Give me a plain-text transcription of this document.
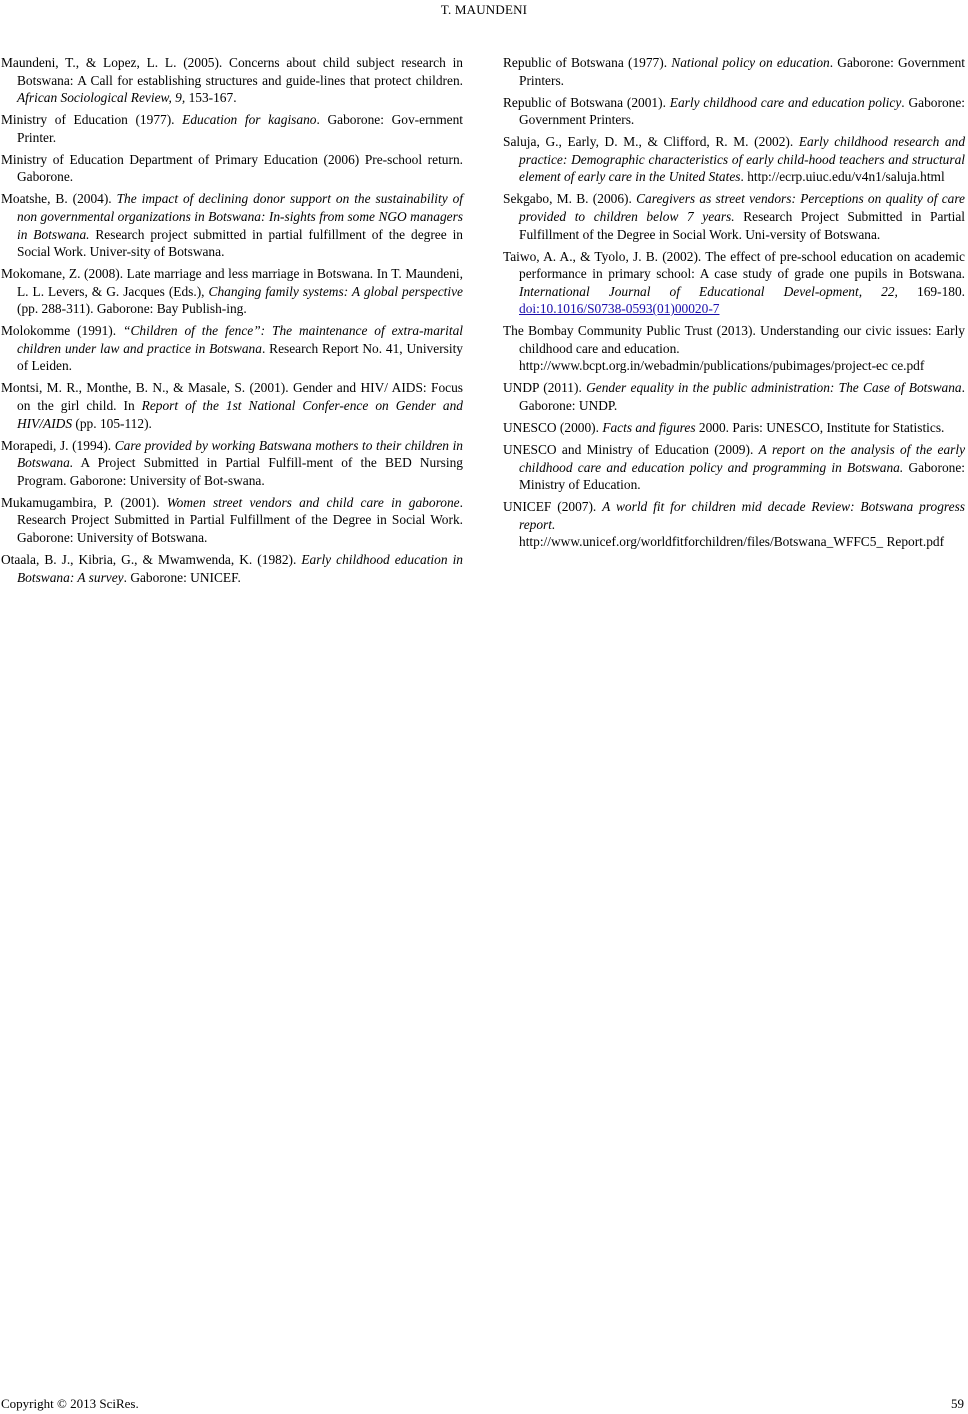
T. MAUNDENI

Maundeni, T., & Lopez, L. L. (2005). Concerns about child subject research in Botswana: A Call for establishing structures and guide-lines that protect children. African Sociological Review, 9, 153-167.

Ministry of Education (1977). Education for kagisano. Gaborone: Gov-ernment Printer.

Ministry of Education Department of Primary Education (2006) Pre-school return. Gaborone.

Moatshe, B. (2004). The impact of declining donor support on the sustainability of non governmental organizations in Botswana: In-sights from some NGO managers in Botswana. Research project submitted in partial fulfillment of the degree in Social Work. Univer-sity of Botswana.

Mokomane, Z. (2008). Late marriage and less marriage in Botswana. In T. Maundeni, L. L. Levers, & G. Jacques (Eds.), Changing family systems: A global perspective (pp. 288-311). Gaborone: Bay Publish-ing.

Molokomme (1991). “Children of the fence”: The maintenance of extra-marital children under law and practice in Botswana. Research Report No. 41, University of Leiden.

Montsi, M. R., Monthe, B. N., & Masale, S. (2001). Gender and HIV/ AIDS: Focus on the girl child. In Report of the 1st National Confer-ence on Gender and HIV/AIDS (pp. 105-112).

Morapedi, J. (1994). Care provided by working Batswana mothers to their children in Botswana. A Project Submitted in Partial Fulfill-ment of the BED Nursing Program. Gaborone: University of Bot-swana.

Mukamugambira, P. (2001). Women street vendors and child care in gaborone. Research Project Submitted in Partial Fulfillment of the Degree in Social Work. Gaborone: University of Botswana.

Otaala, B. J., Kibria, G., & Mwamwenda, K. (1982). Early childhood education in Botswana: A survey. Gaborone: UNICEF.

Republic of Botswana (1977). National policy on education. Gaborone: Government Printers.

Republic of Botswana (2001). Early childhood care and education policy. Gaborone: Government Printers.

Saluja, G., Early, D. M., & Clifford, R. M. (2002). Early childhood research and practice: Demographic characteristics of early child-hood teachers and structural element of early care in the United States. http://ecrp.uiuc.edu/v4n1/saluja.html

Sekgabo, M. B. (2006). Caregivers as street vendors: Perceptions on quality of care provided to children below 7 years. Research Project Submitted in Partial Fulfillment of the Degree in Social Work. Uni-versity of Botswana.

Taiwo, A. A., & Tyolo, J. B. (2002). The effect of pre-school education on academic performance in primary school: A case study of grade one pupils in Botswana. International Journal of Educational Devel-opment, 22, 169-180. doi:10.1016/S0738-0593(01)00020-7

The Bombay Community Public Trust (2013). Understanding our civic issues: Early childhood care and education.
http://www.bcpt.org.in/webadmin/publications/pubimages/project-ec ce.pdf

UNDP (2011). Gender equality in the public administration: The Case of Botswana. Gaborone: UNDP.

UNESCO (2000). Facts and figures 2000. Paris: UNESCO, Institute for Statistics.

UNESCO and Ministry of Education (2009). A report on the analysis of the early childhood care and education policy and programming in Botswana. Gaborone: Ministry of Education.

UNICEF (2007). A world fit for children mid decade Review: Botswana progress report.
http://www.unicef.org/worldfitforchildren/files/Botswana_WFFC5_ Report.pdf

Copyright © 2013 SciRes.	59
